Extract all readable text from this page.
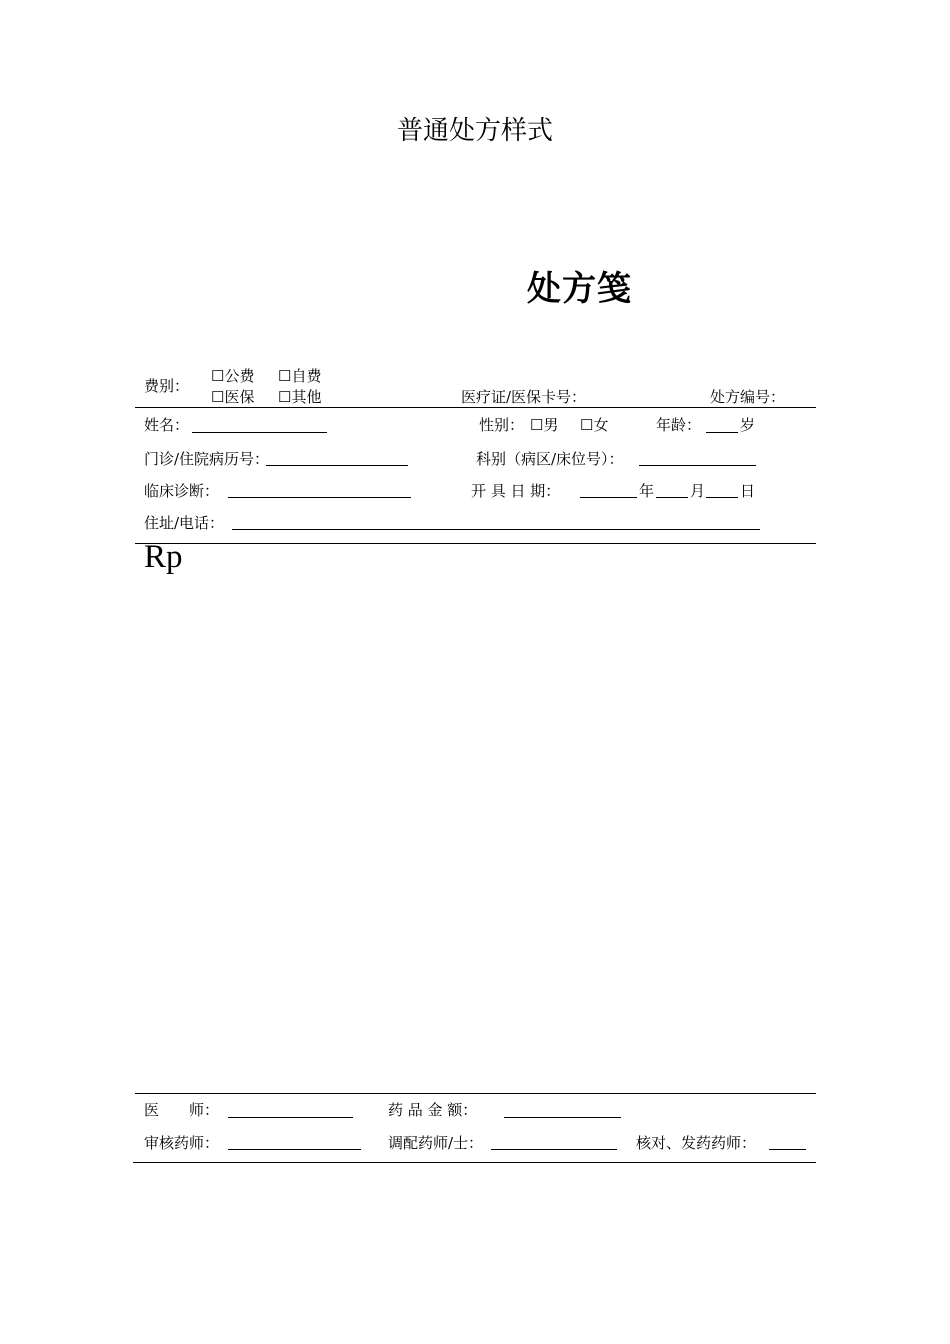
普通处方样式
处方笺
费别：
☐公费 ☐自费
☐医保 ☐其他	医疗证/医保卡号：	处方编号：
姓名：	性别： ☐男 ☐女	年龄：	岁
门诊/住院病历号：	科别（病区/床位号）：
临床诊断：	开 具 日 期：	年 月 日
住址/电话：
Rp
医　　师：	药 品 金 额：
审核药师：	调配药师/士：	核对、发药药师：
